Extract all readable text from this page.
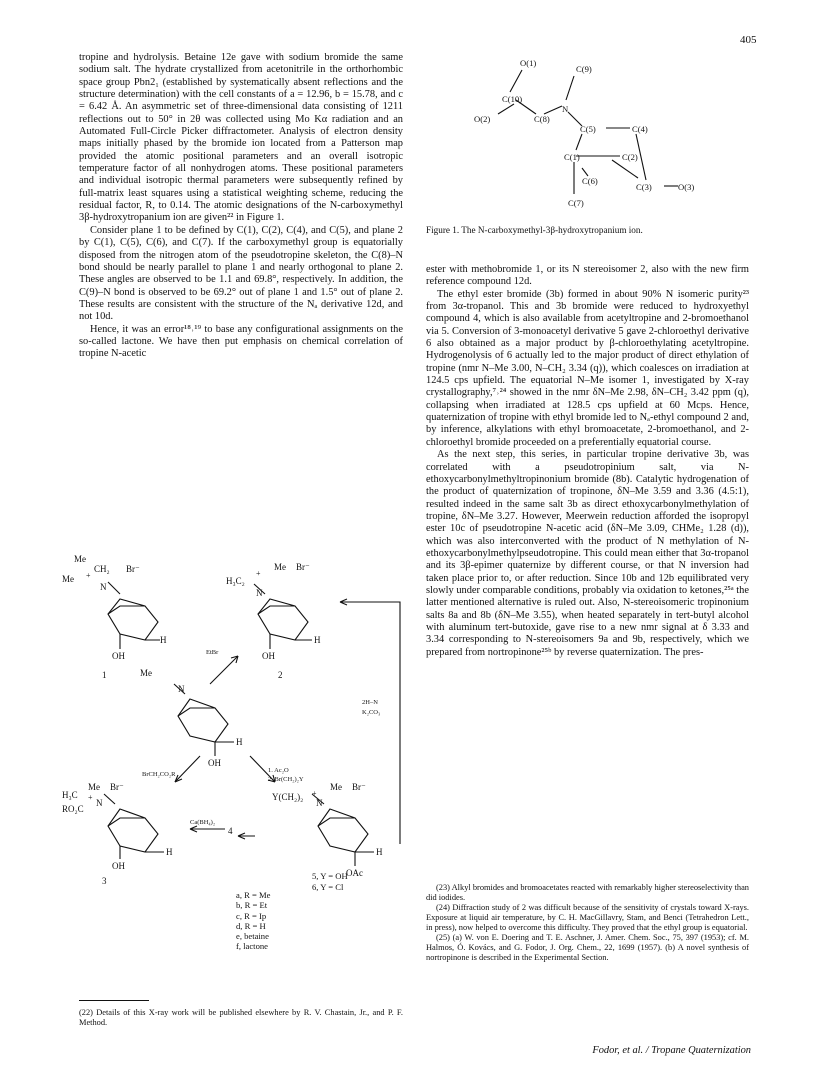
405

tropine and hydrolysis. Betaine 12e gave with sodium bromide the same sodium salt. The hydrate crystallized from acetonitrile in the orthorhombic space group Pbn2₁ (established by systematically absent reflections and the structure determination) with the cell constants of a = 12.96, b = 15.78, and c = 6.42 Å. An asymmetric set of three-dimensional data consisting of 1211 reflections out to 50° in 2θ was collected using Mo Kα radiation and an Automated Full-Circle Picker diffractometer. Analysis of electron density maps initially phased by the bromide ion located from a Patterson map provided the atomic positional parameters and an overall isotropic temperature factor of all nonhydrogen atoms. These positional parameters and individual isotropic thermal parameters were subsequently refined by full-matrix least squares using a statistical weighting scheme, reducing the residual factor, R, to 0.14. The atomic designations of the N-carboxymethyl 3β-hydroxytropanium ion are given²² in Figure 1.

Consider plane 1 to be defined by C(1), C(2), C(4), and C(5), and plane 2 by C(1), C(5), C(6), and C(7). If the carboxymethyl group is equatorially disposed from the nitrogen atom of the pseudotropine skeleton, the C(8)–N bond should be nearly parallel to plane 1 and nearly orthogonal to plane 2. These angles are observed to be 1.1 and 69.8°, respectively. In addition, the C(9)–N bond is observed to be 69.2° out of plane 1 and 1.5° out of plane 2. These results are consistent with the structure of the Nₐ derivative 12d, and not 10d.

Hence, it was an error¹⁸˒¹⁹ to base any configurational assignments on the so-called lactone. We have then put emphasis on chemical correlation of tropine N-acetic

Me
CH₂ Br⁻
Me +
N
H
OH
1
H₃C₂
+
Me Br⁻
N
H
OH
2
EtBr
Me
N
H
OH
2H–N
K₂CO₃
BrCH₂CO₂R
1. Ac₂O
2. Br(CH₂)₂Y
Me Br⁻
H₃C +
RO₂C
N
H
OH
3
Ca(BH₄)₂
4
Y(CH₂)₂ +
Me Br⁻
N
H
OAc
5, Y = OH
6, Y = Cl
a, R = Me
b, R = Et
c, R = Ip
d, R = H
e, betaine
f, lactone
(22) Details of this X-ray work will be published elsewhere by R. V. Chastain, Jr., and P. F. Method.
O(1)
C(9)
C(10)
O(2)	C(8)
N
C(5)	C(4)
C(1)	C(2)
C(3)	O(3)
C(6)
C(7)
Figure 1. The N-carboxymethyl-3β-hydroxytropanium ion.

ester with methobromide 1, or its N stereoisomer 2, also with the new firm reference compound 12d.

The ethyl ester bromide (3b) formed in about 90% N isomeric purity²³ from 3α-tropanol. This and 3b bromide were reduced to hydroxyethyl compound 4, which is also available from acetyltropine and 2-bromoethanol via 5. Conversion of 3-monoacetyl derivative 5 gave 2-chloroethyl derivative 6 also obtained as a major product by β-chloroethylating acetyltropine. Hydrogenolysis of 6 actually led to the major product of direct ethylation of tropine (nmr N–Me 3.00, N–CH₂ 3.34 (q)), which coalesces on irradiation at 124.5 cps upfield. The equatorial N–Me isomer 1, investigated by X-ray crystallography,⁷˒²⁴ showed in the nmr δN–Me 2.98, δN–CH₂ 3.42 ppm (q), collapsing when irradiated at 128.5 cps upfield at 60 Mcps. Hence, quaternization of tropine with ethyl bromide led to Nₐ-ethyl compound 2 and, by inference, alkylations with ethyl bromoacetate, 2-bromoethanol, and 2-chloroethyl bromide proceeded on a preferentially equatorial course.

As the next step, this series, in particular tropine derivative 3b, was correlated with a pseudotropinium salt, via N-ethoxycarbonylmethyltropinonium bromide (8b). Catalytic hydrogenation of the product of quaternization of tropinone, δN–Me 3.59 and 3.36 (4.5:1), resulted indeed in the same salt 3b as direct ethoxycarbonylmethylation of tropine, δN–Me 3.27. However, Meerwein reduction afforded the isopropyl ester 10c of pseudotropine N-acetic acid (δN–Me 3.09, CHMe₂ 1.28 (d)), which was also interconverted with the product of N methylation of N-ethoxycarbonylmethylpseudotropine. This could mean either that 3α-tropanol and its 3β-epimer quaternize by different course, or that N inversion had taken place prior to, or after reduction. Since 10b and 12b equilibrated very slowly under comparable conditions, probably via oxidation to ketones,²⁵ᵃ the latter mentioned alternative is ruled out. Also, N-stereoisomeric tropinonium salts 8a and 8b (δN–Me 3.55), when heated separately in tert-butyl alcohol with aluminum tert-butoxide, gave rise to a new nmr signal at δ 3.33 and 3.34 corresponding to N-stereoisomers 9a and 9b, respectively, which we prepared from nortropinone²⁵ᵇ by reverse quaternization. The pres-

(23) Alkyl bromides and bromoacetates reacted with remarkably higher stereoselectivity than did iodides.

(24) Diffraction study of 2 was difficult because of the sensitivity of crystals toward X-rays. Exposure at liquid air temperature, by C. H. MacGillavry, Stam, and Benci (Tetrahedron Lett., in press), now helped to overcome this difficulty. They proved that the ethyl group is equatorial.

(25) (a) W. von E. Doering and T. E. Aschner, J. Amer. Chem. Soc., 75, 397 (1953); cf. M. Halmos, Ó. Kovács, and G. Fodor, J. Org. Chem., 22, 1699 (1957). (b) A novel synthesis of nortropinone is described in the Experimental Section.

Fodor, et al. / Tropane Quaternization
